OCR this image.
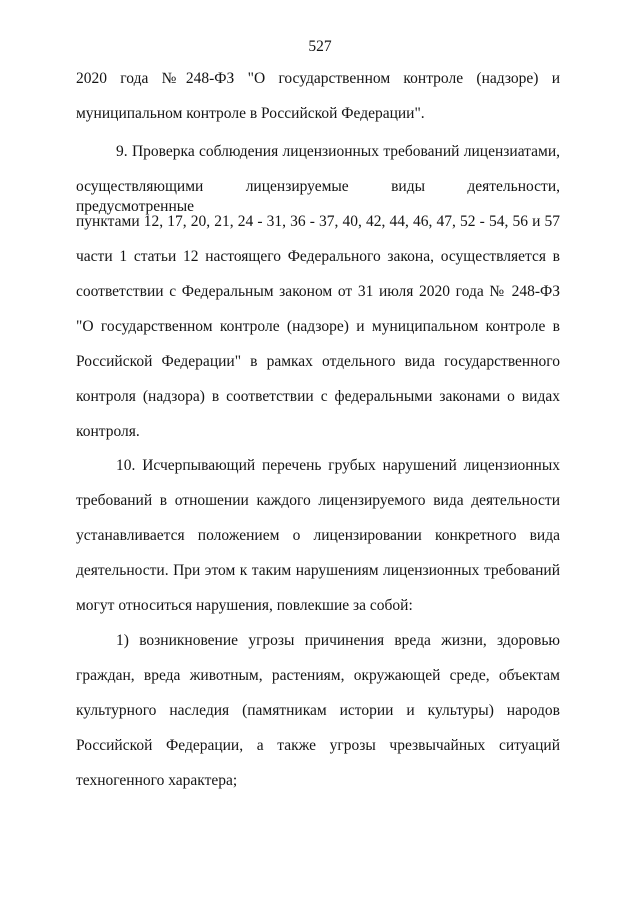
527
2020 года №248-ФЗ "О государственном контроле (надзоре) и
муниципальном контроле в Российской Федерации".
9. Проверка соблюдения лицензионных требований лицензиатами,
осуществляющими лицензируемые виды деятельности, предусмотренные
пунктами 12, 17, 20, 21, 24 - 31, 36 - 37, 40, 42, 44, 46, 47, 52 - 54, 56 и 57
части 1 статьи 12 настоящего Федерального закона, осуществляется в
соответствии с Федеральным законом от 31 июля 2020 года № 248-ФЗ
"О государственном контроле (надзоре) и муниципальном контроле в
Российской Федерации" в рамках отдельного вида государственного
контроля (надзора) в соответствии с федеральными законами о видах
контроля.
10. Исчерпывающий перечень грубых нарушений лицензионных
требований в отношении каждого лицензируемого вида деятельности
устанавливается положением о лицензировании конкретного вида
деятельности. При этом к таким нарушениям лицензионных требований
могут относиться нарушения, повлекшие за собой:
1) возникновение угрозы причинения вреда жизни, здоровью
граждан, вреда животным, растениям, окружающей среде, объектам
культурного наследия (памятникам истории и культуры) народов
Российской Федерации, а также угрозы чрезвычайных ситуаций
техногенного характера;
